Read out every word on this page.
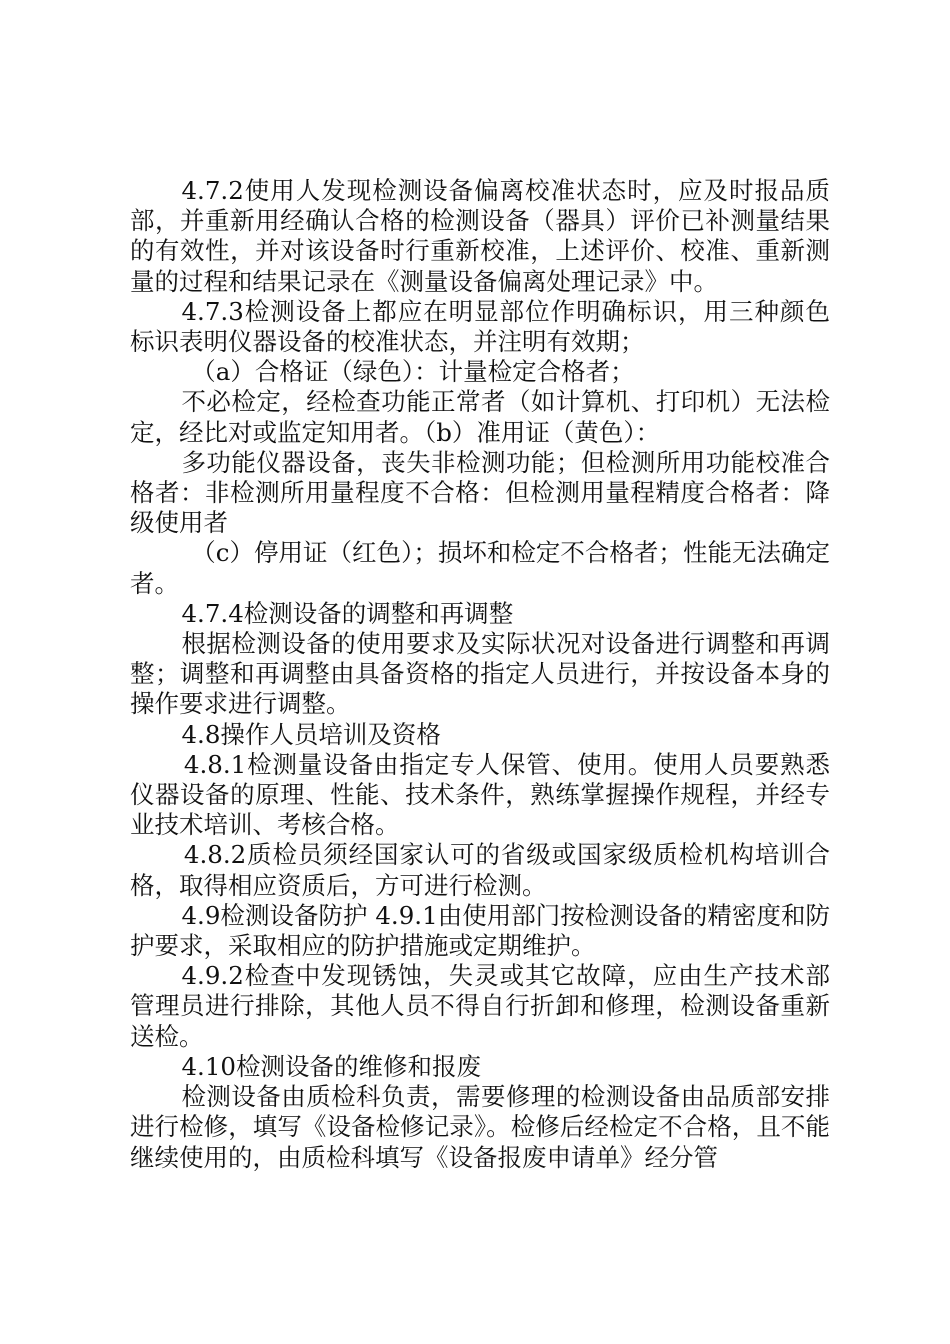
4.7.2使用人发现检测设备偏离校准状态时，应及时报品质部，并重新用经确认合格的检测设备（器具）评价已补测量结果的有效性，并对该设备时行重新校准，上述评价、校准、重新测量的过程和结果记录在《测量设备偏离处理记录》中。

4.7.3检测设备上都应在明显部位作明确标识，用三种颜色标识表明仪器设备的校准状态，并注明有效期；

（a）合格证（绿色）：计量检定合格者；

不必检定，经检查功能正常者（如计算机、打印机）无法检定，经比对或监定知用者。（b）准用证（黄色）：

多功能仪器设备，丧失非检测功能；但检测所用功能校准合格者：非检测所用量程度不合格：但检测用量程精度合格者：降级使用者

（c）停用证（红色）；损坏和检定不合格者；性能无法确定者。

4.7.4检测设备的调整和再调整

根据检测设备的使用要求及实际状况对设备进行调整和再调整；调整和再调整由具备资格的指定人员进行，并按设备本身的操作要求进行调整。

4.8操作人员培训及资格

4.8.1检测量设备由指定专人保管、使用。使用人员要熟悉仪器设备的原理、性能、技术条件，熟练掌握操作规程，并经专业技术培训、考核合格。

4.8.2质检员须经国家认可的省级或国家级质检机构培训合格，取得相应资质后，方可进行检测。

4.9检测设备防护 4.9.1由使用部门按检测设备的精密度和防护要求，采取相应的防护措施或定期维护。

4.9.2检查中发现锈蚀，失灵或其它故障，应由生产技术部管理员进行排除，其他人员不得自行折卸和修理，检测设备重新送检。

4.10检测设备的维修和报废

检测设备由质检科负责，需要修理的检测设备由品质部安排进行检修，填写《设备检修记录》。检修后经检定不合格，且不能继续使用的，由质检科填写《设备报废申请单》经分管
